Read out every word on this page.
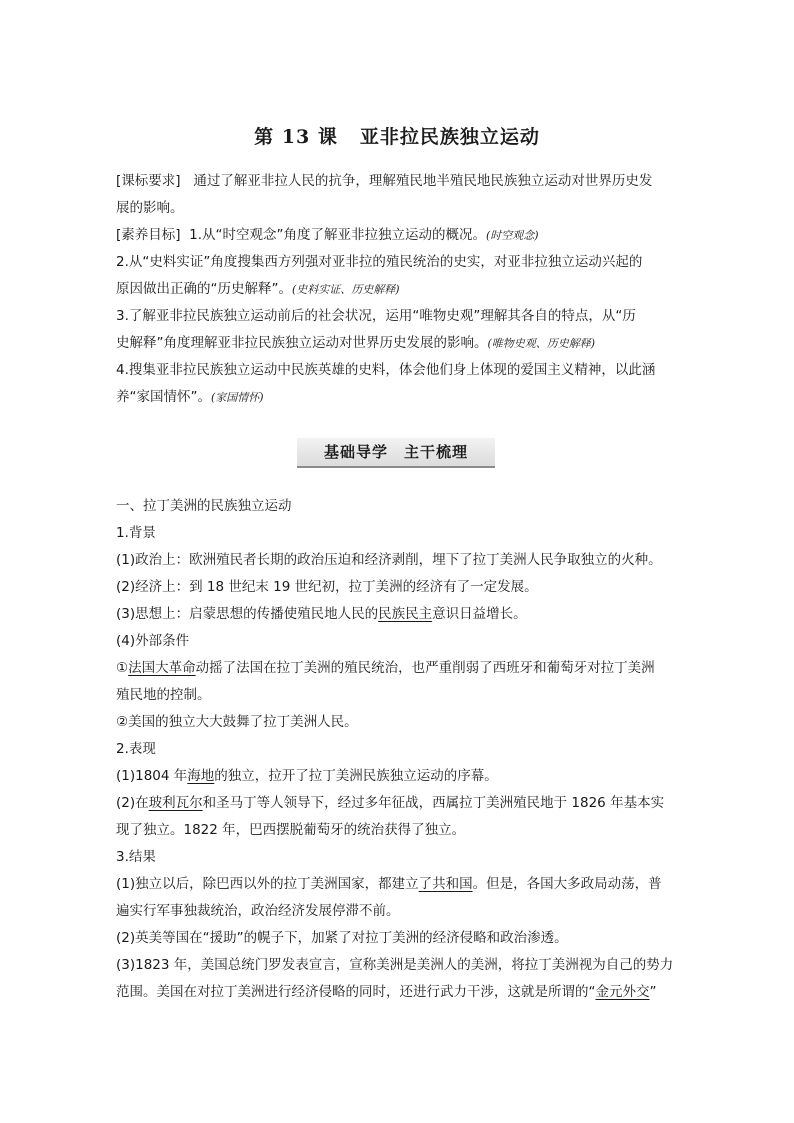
第 13 课 亚非拉民族独立运动
[课标要求] 通过了解亚非拉人民的抗争，理解殖民地半殖民地民族独立运动对世界历史发
展的影响。
[素养目标] 1.从“时空观念”角度了解亚非拉独立运动的概况。(时空观念)
2.从“史料实证”角度搜集西方列强对亚非拉的殖民统治的史实，对亚非拉独立运动兴起的
原因做出正确的“历史解释”。(史料实证、历史解释)
3.了解亚非拉民族独立运动前后的社会状况，运用“唯物史观”理解其各自的特点，从“历
史解释”角度理解亚非拉民族独立运动对世界历史发展的影响。(唯物史观、历史解释)
4.搜集亚非拉民族独立运动中民族英雄的史料，体会他们身上体现的爱国主义精神，以此涵
养“家国情怀”。(家国情怀)
基础导学 主干梳理
一、拉丁美洲的民族独立运动
1.背景
(1)政治上：欧洲殖民者长期的政治压迫和经济剥削，埋下了拉丁美洲人民争取独立的火种。
(2)经济上：到 18 世纪末 19 世纪初，拉丁美洲的经济有了一定发展。
(3)思想上：启蒙思想的传播使殖民地人民的民族民主意识日益增长。
(4)外部条件
①法国大革命动摇了法国在拉丁美洲的殖民统治，也严重削弱了西班牙和葡萄牙对拉丁美洲
殖民地的控制。
②美国的独立大大鼓舞了拉丁美洲人民。
2.表现
(1)1804 年海地的独立，拉开了拉丁美洲民族独立运动的序幕。
(2)在玻利瓦尔和圣马丁等人领导下，经过多年征战，西属拉丁美洲殖民地于 1826 年基本实
现了独立。1822 年，巴西摆脱葡萄牙的统治获得了独立。
3.结果
(1)独立以后，除巴西以外的拉丁美洲国家，都建立了共和国。但是，各国大多政局动荡，普
遍实行军事独裁统治，政治经济发展停滞不前。
(2)英美等国在“援助”的幌子下，加紧了对拉丁美洲的经济侵略和政治渗透。
(3)1823 年，美国总统门罗发表宣言，宣称美洲是美洲人的美洲，将拉丁美洲视为自己的势力
范围。美国在对拉丁美洲进行经济侵略的同时，还进行武力干涉，这就是所谓的“金元外交”
